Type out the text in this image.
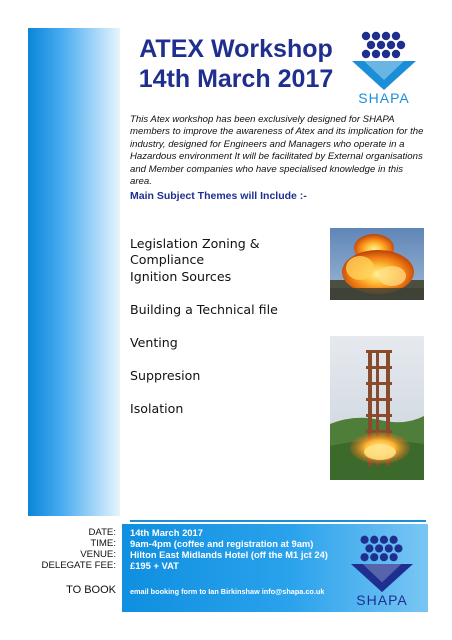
ATEX Workshop
14th March 2017
SHAPA

This Atex workshop has been exclusively designed for SHAPA members to improve the awareness of Atex and its implication for the industry, designed for Engineers and Managers who operate in a Hazardous environment It will be facilitated by External organisations and Member companies who have specialised knowledge in this area.

Main Subject Themes will Include :-

Legislation Zoning & Compliance
Ignition Sources
Building a Technical file
Venting
Suppresion
Isolation
DATE: 14th March 2017
TIME: 9am-4pm (coffee and registration at 9am)
VENUE: Hilton East Midlands Hotel (off the M1 jct 24)
DELEGATE FEE: £195 + VAT
TO BOOK email booking form to Ian Birkinshaw info@shapa.co.uk
SHAPA
